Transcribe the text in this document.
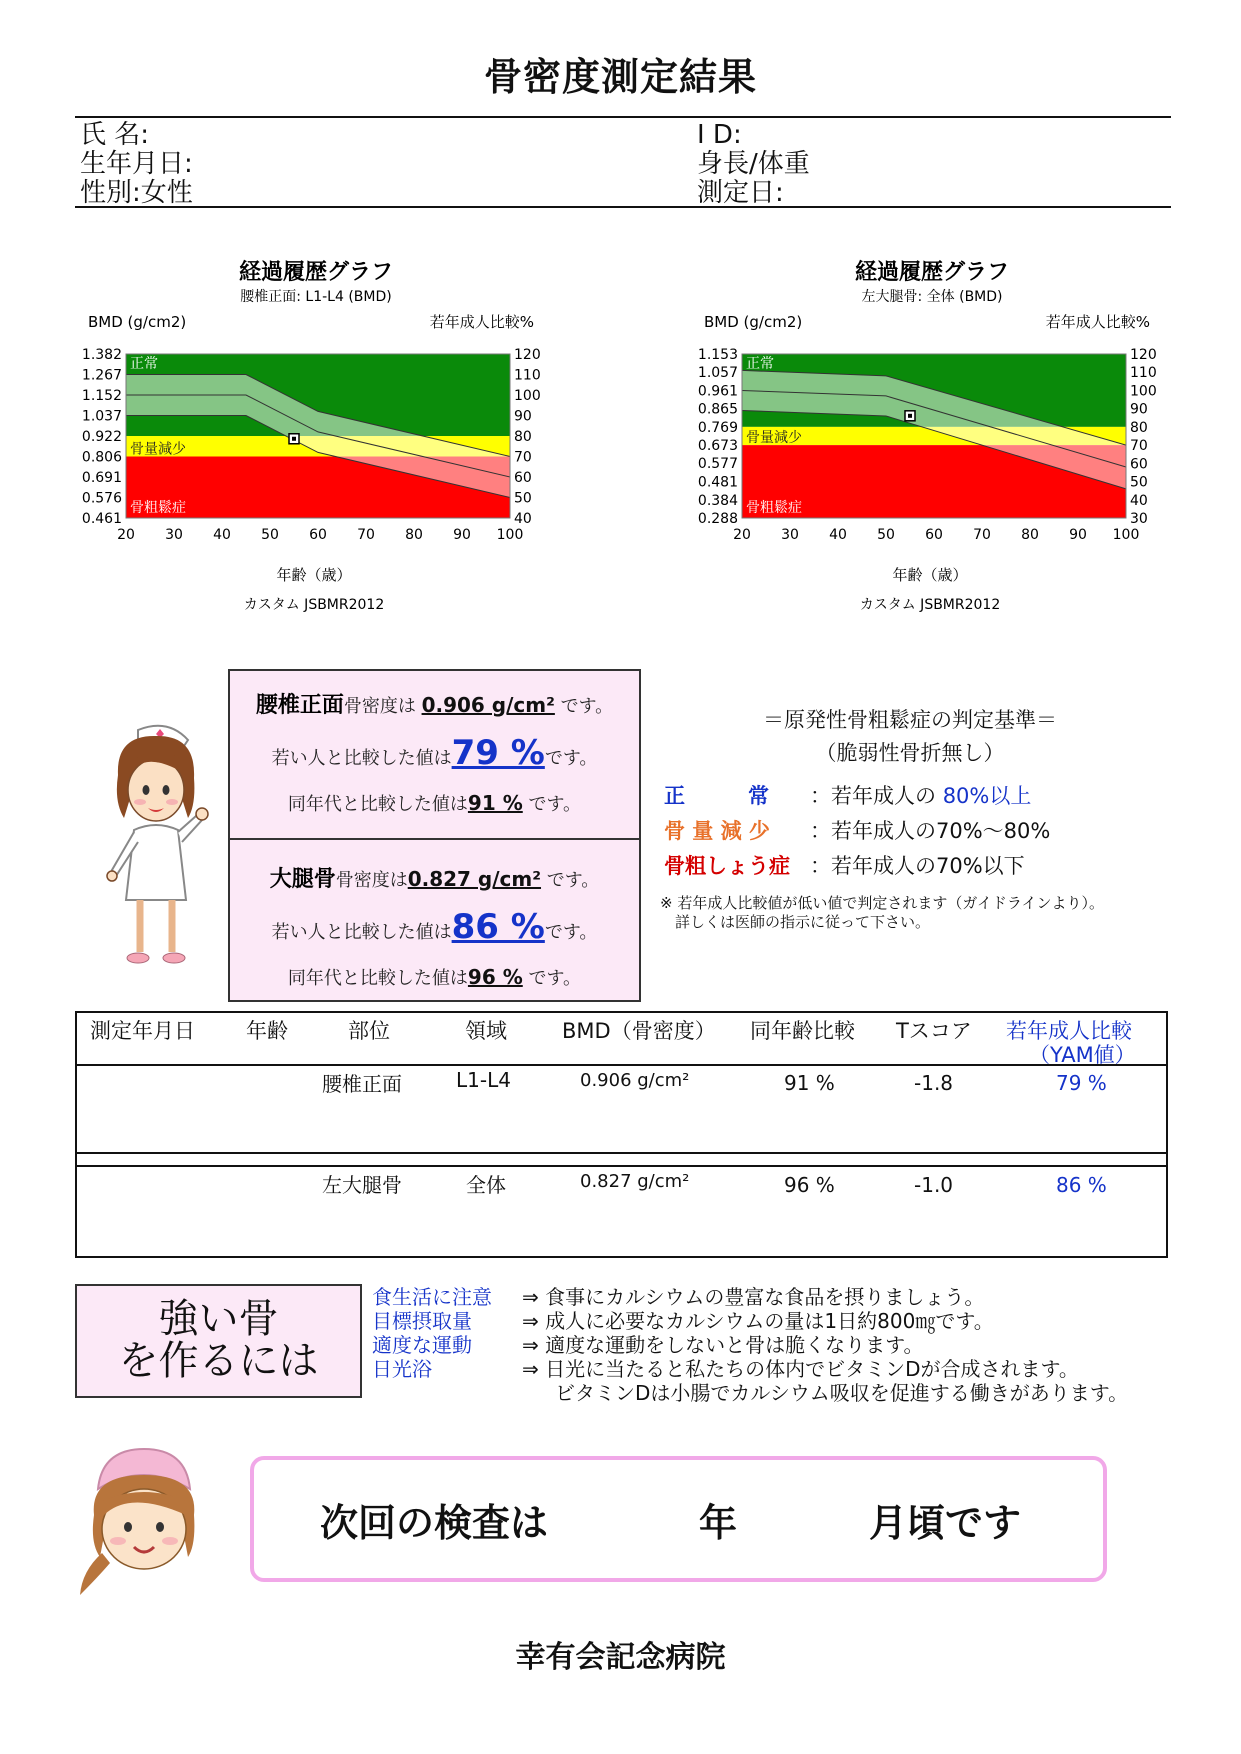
骨密度測定結果
氏 名:
生年月日:
性別:女性
I D:
身長/体重
測定日:
経過履歴グラフ
腰椎正面: L1-L4 (BMD)
BMD (g/cm2)	若年成人比較%
正常
骨量減少
骨粗鬆症
0.461
0.576
0.691
0.806
0.922
1.037
1.152
1.267
1.382
40
50
60
70
80
90
100
110
120
20 30 40 50 60 70 80 90 100
年齢（歳）
カスタム JSBMR2012
経過履歴グラフ
左大腿骨: 全体 (BMD)
BMD (g/cm2)	若年成人比較%
正常
骨量減少
骨粗鬆症
0.288
0.384
0.481
0.577
0.673
0.769
0.865
0.961
1.057
1.153
30
40
50
60
70
80
90
100
110
120
20 30 40 50 60 70 80 90 100
年齢（歳）
カスタム JSBMR2012
腰椎正面骨密度は 0.906 g/cm² です。
若い人と比較した値は79 %です。
同年代と比較した値は91 % です。
大腿骨骨密度は0.827 g/cm² です。
若い人と比較した値は86 %です。
同年代と比較した値は96 % です。
＝原発性骨粗鬆症の判定基準＝
（脆弱性骨折無し）
正　　　常 ：若年成人の 80%以上
骨 量 減 少 ：若年成人の70%～80%
骨粗しょう症 ：若年成人の70%以下
※ 若年成人比較値が低い値で判定されます（ガイドラインより）。
詳しくは医師の指示に従って下さい。
測定年月日 年齢	部位	領域	BMD（骨密度） 同年齢比較 Tスコア 若年成人比較
（YAM値）
腰椎正面	L1-L4	0.906 g/cm²	91 %	-1.8	79 %
左大腿骨	全体	0.827 g/cm²	96 %	-1.0	86 %
強い骨
を作るには
食生活に注意 ⇒ 食事にカルシウムの豊富な食品を摂りましょう。
目標摂取量	⇒ 成人に必要なカルシウムの量は1日約800㎎です。
適度な運動	⇒ 適度な運動をしないと骨は脆くなります。
日光浴	⇒ 日光に当たると私たちの体内でビタミンDが合成されます。
ビタミンDは小腸でカルシウム吸収を促進する働きがあります。
次回の検査は	年	月頃です
幸有会記念病院
